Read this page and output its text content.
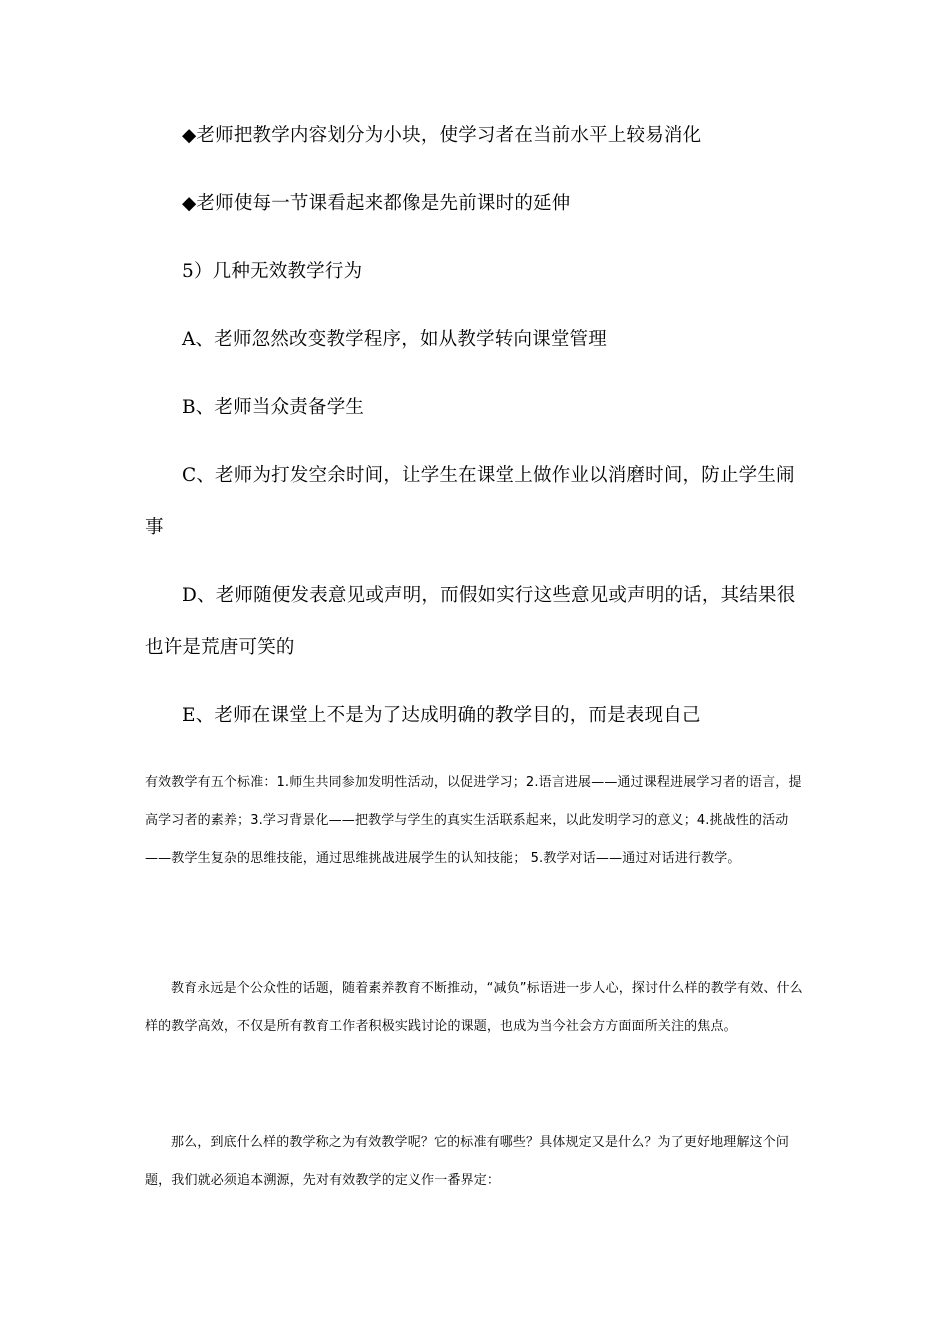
◆老师把教学内容划分为小块，使学习者在当前水平上较易消化
◆老师使每一节课看起来都像是先前课时的延伸
5）几种无效教学行为
A、老师忽然改变教学程序，如从教学转向课堂管理
B、老师当众责备学生
C、老师为打发空余时间，让学生在课堂上做作业以消磨时间，防止学生闹事
D、老师随便发表意见或声明，而假如实行这些意见或声明的话，其结果很也许是荒唐可笑的
E、老师在课堂上不是为了达成明确的教学目的，而是表现自己
有效教学有五个标准：1.师生共同参加发明性活动，以促进学习；2.语言进展——通过课程进展学习者的语言，提高学习者的素养；3.学习背景化——把教学与学生的真实生活联系起来，以此发明学习的意义；4.挑战性的活动——教学生复杂的思维技能，通过思维挑战进展学生的认知技能； 5.教学对话——通过对话进行教学。
教育永远是个公众性的话题，随着素养教育不断推动，“减负”标语进一步人心，探讨什么样的教学有效、什么样的教学高效，不仅是所有教育工作者积极实践讨论的课题，也成为当今社会方方面面所关注的焦点。
那么，到底什么样的教学称之为有效教学呢？它的标准有哪些？具体规定又是什么？为了更好地理解这个问题，我们就必须追本溯源，先对有效教学的定义作一番界定：
